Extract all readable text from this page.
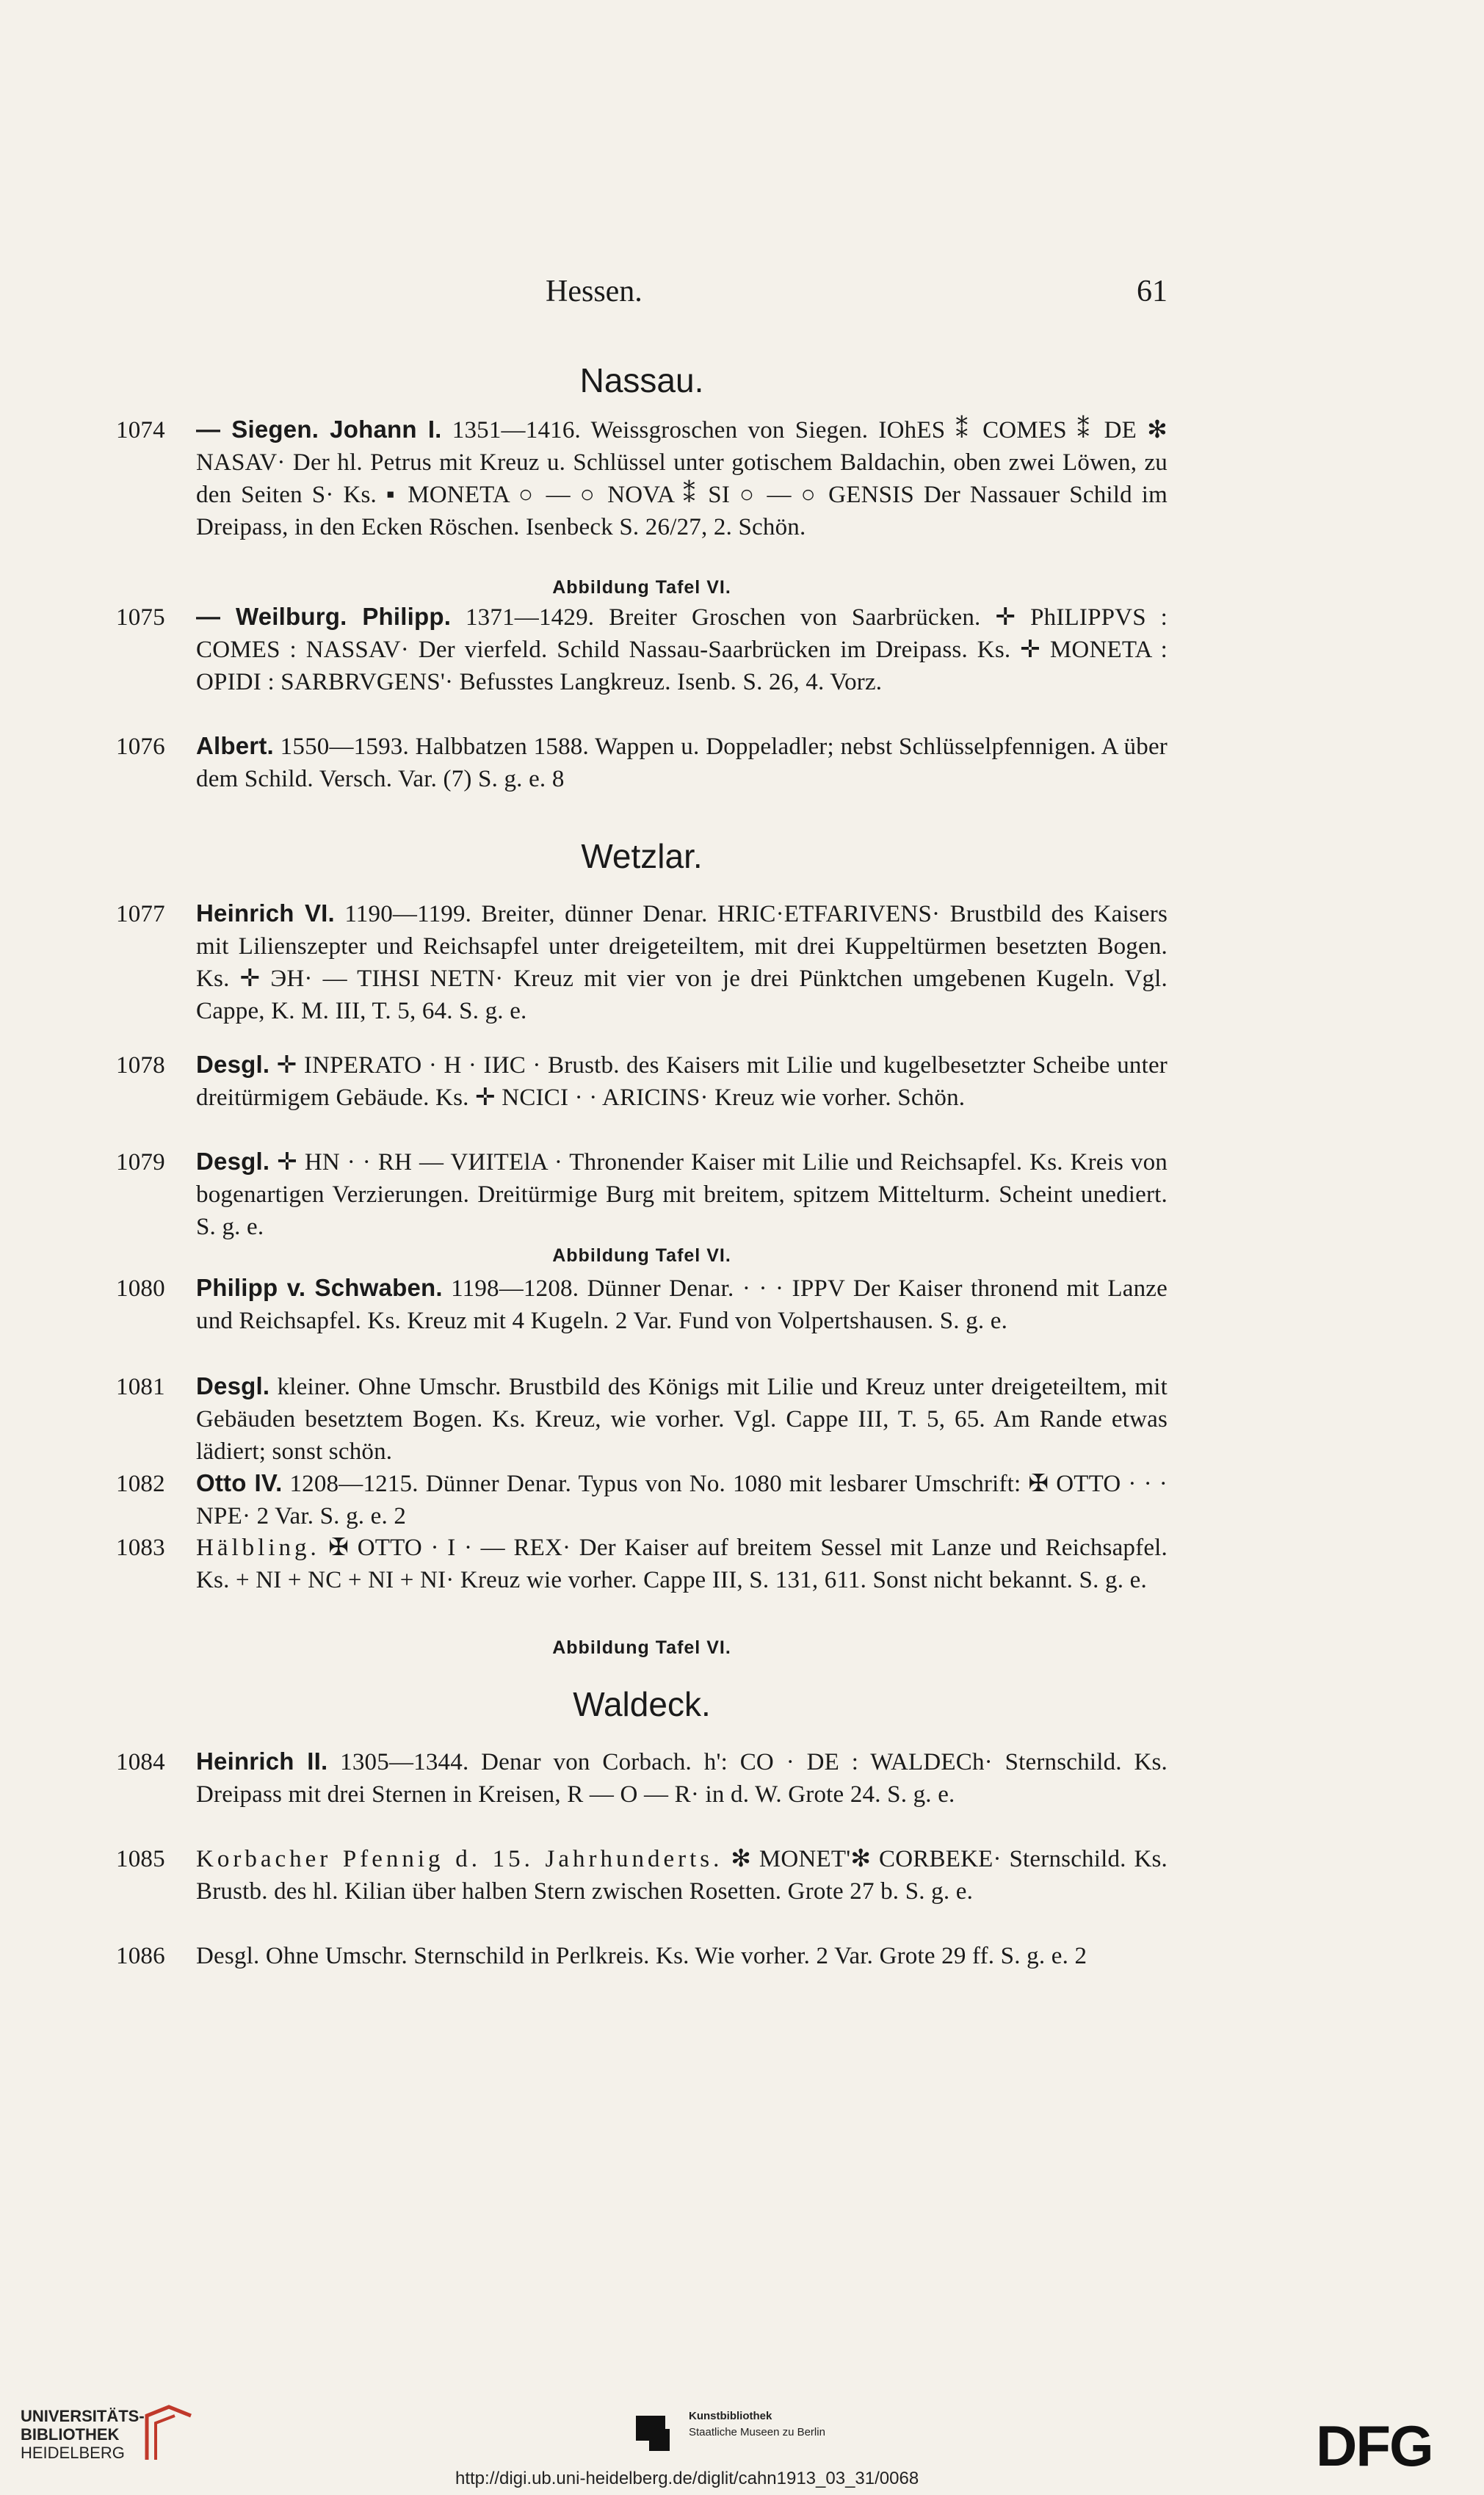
Hessen.	61
Nassau.

1074 — Siegen. Johann I. 1351—1416. Weissgroschen von Siegen. IOhES ⁑ COMES ⁑ DE ✻ NASAV· Der hl. Petrus mit Kreuz u. Schlüssel unter gotischem Baldachin, oben zwei Löwen, zu den Seiten S· Ks. ▪ MONETA ○ — ○ NOVA ⁑ SI ○ — ○ GENSIS Der Nassauer Schild im Dreipass, in den Ecken Röschen. Isenbeck S. 26/27, 2. Schön.

Abbildung Tafel VI.

1075 — Weilburg. Philipp. 1371—1429. Breiter Groschen von Saarbrücken. ✛ PhILIPPVS : COMES : NASSAV· Der vierfeld. Schild Nassau-Saarbrücken im Dreipass. Ks. ✛ MONETA : OPIDI : SARBRVGENS'· Befusstes Langkreuz. Isenb. S. 26, 4. Vorz.

1076 Albert. 1550—1593. Halbbatzen 1588. Wappen u. Doppeladler; nebst Schlüsselpfennigen. A über dem Schild. Versch. Var. (7) S. g. e. 8

Wetzlar.

1077 Heinrich VI. 1190—1199. Breiter, dünner Denar. HRIC·ETFARIVENS· Brustbild des Kaisers mit Lilienszepter und Reichsapfel unter dreigeteiltem, mit drei Kuppeltürmen besetzten Bogen. Ks. ✛ ЭH· — TIHSI NETN· Kreuz mit vier von je drei Pünktchen umgebenen Kugeln. Vgl. Cappe, K. M. III, T. 5, 64. S. g. e.

1078 Desgl. ✛ INPERATO · H · IИC · Brustb. des Kaisers mit Lilie und kugelbesetzter Scheibe unter dreitürmigem Gebäude. Ks. ✛ NCICI · · ARICINS· Kreuz wie vorher. Schön.

1079 Desgl. ✛ HN · · RH — VИITElA · Thronender Kaiser mit Lilie und Reichsapfel. Ks. Kreis von bogenartigen Verzierungen. Dreitürmige Burg mit breitem, spitzem Mittelturm. Scheint unediert. S. g. e.

Abbildung Tafel VI.

1080 Philipp v. Schwaben. 1198—1208. Dünner Denar. · · · IPPV Der Kaiser thronend mit Lanze und Reichsapfel. Ks. Kreuz mit 4 Kugeln. 2 Var. Fund von Volpertshausen. S. g. e.

1081 Desgl. kleiner. Ohne Umschr. Brustbild des Königs mit Lilie und Kreuz unter dreigeteiltem, mit Gebäuden besetztem Bogen. Ks. Kreuz, wie vorher. Vgl. Cappe III, T. 5, 65. Am Rande etwas lädiert; sonst schön.

1082 Otto IV. 1208—1215. Dünner Denar. Typus von No. 1080 mit lesbarer Umschrift: ✠ OTTO · · · NPE· 2 Var. S. g. e. 2

1083 Hälbling. ✠ OTTO · I · — REX· Der Kaiser auf breitem Sessel mit Lanze und Reichsapfel. Ks. + NI + NC + NI + NI· Kreuz wie vorher. Cappe III, S. 131, 611. Sonst nicht bekannt. S. g. e.

Abbildung Tafel VI.
Waldeck.

1084 Heinrich II. 1305—1344. Denar von Corbach. h': CO · DE : WALDECh· Sternschild. Ks. Dreipass mit drei Sternen in Kreisen, R — O — R· in d. W. Grote 24. S. g. e.

1085 Korbacher Pfennig d. 15. Jahrhunderts. ✻ MONET'✻ CORBEKE· Sternschild. Ks. Brustb. des hl. Kilian über halben Stern zwischen Rosetten. Grote 27 b. S. g. e.

1086 Desgl. Ohne Umschr. Sternschild in Perlkreis. Ks. Wie vorher. 2 Var. Grote 29 ff. S. g. e. 2

UNIVERSITÄTS-
BIBLIOTHEK
HEIDELBERG
Kunstbibliothek
Staatliche Museen zu Berlin	DFG
http://digi.ub.uni-heidelberg.de/diglit/cahn1913_03_31/0068
